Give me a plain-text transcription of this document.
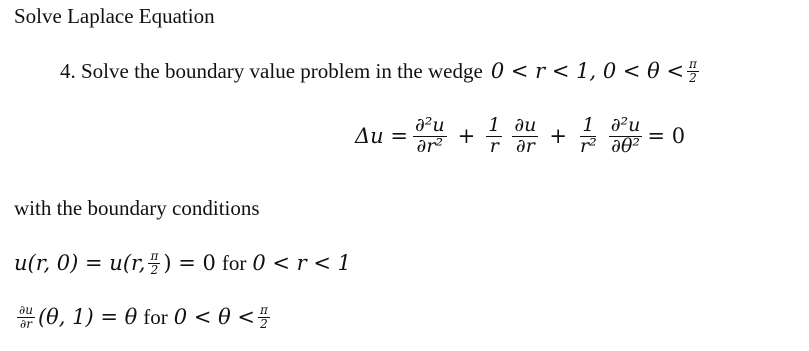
Solve Laplace Equation
4. Solve the boundary value problem in the wedge 0 < r < 1, $0 < \theta < \frac{\pi}{2}$
$\Delta u = \frac{\text{∂²u}}{\text{∂r²}} + \frac{1}{r} \frac{\partial u}{\partial r} + \frac{1}{\text{r²}} \frac{\text{∂²u}}{\text{∂θ²}} = 0$
with the boundary conditions
u(r, 0) = u(r, $\frac{\pi}{2}$ ) = 0 for 0 < r < 1
$\frac{\partial u}{\partial r} (\theta$, 1) = θ for $0 < \theta < \frac{\pi}{2}$
